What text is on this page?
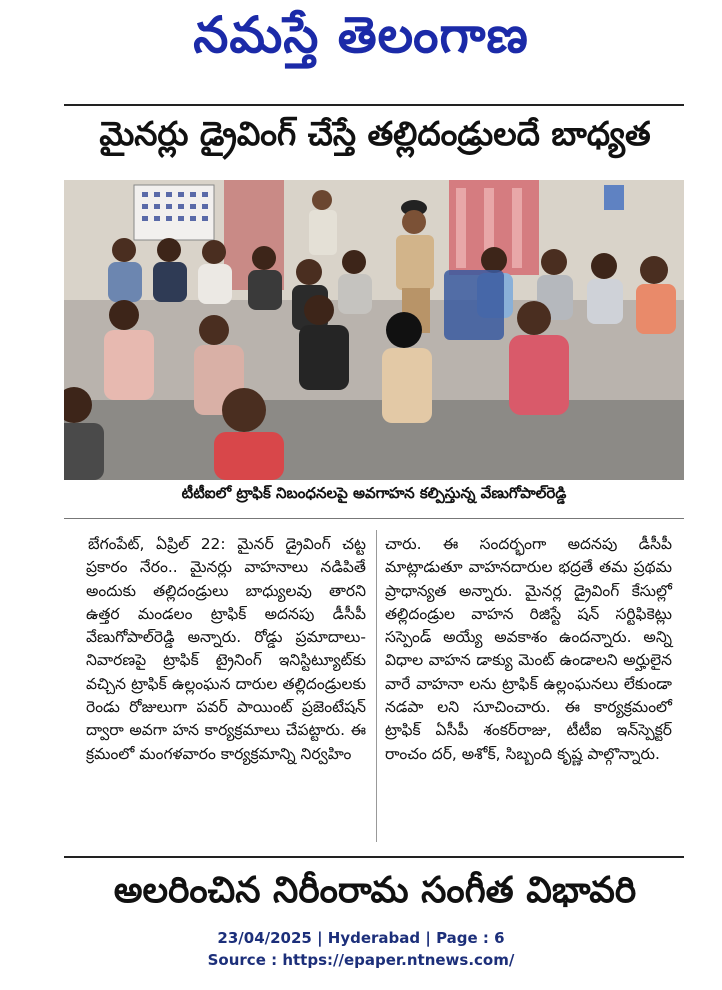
నమస్తే తెలంగాణ
మైనర్లు డ్రైవింగ్ చేస్తే తల్లిదండ్రులదే బాధ్యత
టీటీఐలో ట్రాఫిక్ నిబంధనలపై అవగాహన కల్పిస్తున్న వేణుగోపాల్‌రెడ్డి
బేగంపేట్, ఏప్రిల్ 22: మైనర్ డ్రైవింగ్ చట్ట ప్రకారం నేరం.. మైనర్లు వాహనాలు నడిపితే అందుకు తల్లిదండ్రులు బాధ్యులవు తారని ఉత్తర మండలం ట్రాఫిక్ అదనపు డీసీపీ వేణుగోపాల్‌రెడ్డి అన్నారు. రోడ్డు ప్రమాదాలు- నివారణపై ట్రాఫిక్ ట్రైనింగ్ ఇనిస్టిట్యూట్‌కు వచ్చిన ట్రాఫిక్ ఉల్లంఘన దారుల తల్లిదండ్రులకు రెండు రోజులుగా పవర్ పాయింట్ ప్రజెంటేషన్ ద్వారా అవగా హన కార్యక్రమాలు చేపట్టారు. ఈ క్రమంలో మంగళవారం కార్యక్రమాన్ని నిర్వహిం
చారు. ఈ సందర్భంగా అదనపు డీసీపీ మాట్లాడుతూ వాహనదారుల భద్రతే తమ ప్రథమ ప్రాధాన్యత అన్నారు. మైనర్ల డ్రైవింగ్ కేసుల్లో తల్లిదండ్రుల వాహన రిజిస్టే షన్ సర్టిఫికెట్లు సస్పెండ్ అయ్యే అవకాశం ఉందన్నారు. అన్ని విధాల వాహన డాక్యు మెంట్ ఉండాలని అర్హులైన వారే వాహనా లను ట్రాఫిక్ ఉల్లంఘనలు లేకుండా నడపా లని సూచించారు. ఈ కార్యక్రమంలో ట్రాఫిక్ ఏసీపీ శంకర్‌రాజు, టీటీఐ ఇన్‌స్పెక్టర్ రాంచం దర్, అశోక్, సిబ్బంది కృష్ణ పాల్గొన్నారు.
అలరించిన నిరీంరామ సంగీత విభావరి
23/04/2025 | Hyderabad | Page : 6
Source : https://epaper.ntnews.com/
